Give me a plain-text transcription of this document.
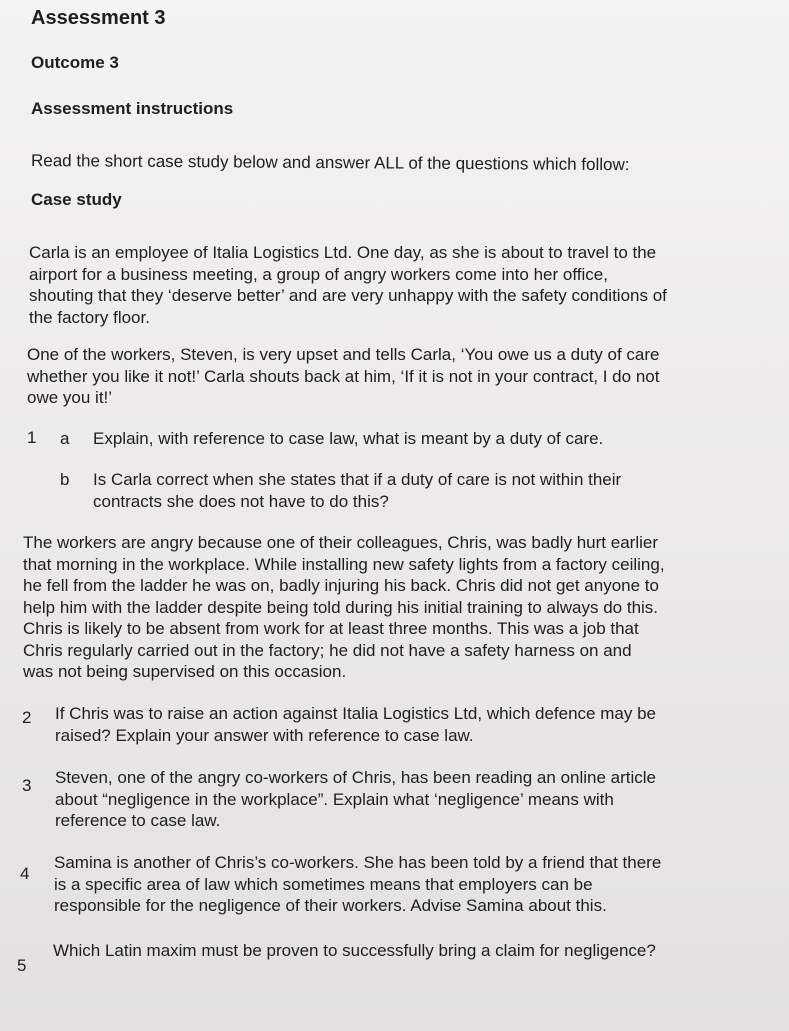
Assessment 3
Outcome 3
Assessment instructions
Read the short case study below and answer ALL of the questions which follow:
Case study
Carla is an employee of Italia Logistics Ltd. One day, as she is about to travel to the
airport for a business meeting, a group of angry workers come into her office,
shouting that they ‘deserve better’ and are very unhappy with the safety conditions of
the factory floor.
One of the workers, Steven, is very upset and tells Carla, ‘You owe us a duty of care
whether you like it not!’ Carla shouts back at him, ‘If it is not in your contract, I do not
owe you it!’
1 a Explain, with reference to case law, what is meant by a duty of care.
b Is Carla correct when she states that if a duty of care is not within their
contracts she does not have to do this?
The workers are angry because one of their colleagues, Chris, was badly hurt earlier
that morning in the workplace. While installing new safety lights from a factory ceiling,
he fell from the ladder he was on, badly injuring his back. Chris did not get anyone to
help him with the ladder despite being told during his initial training to always do this.
Chris is likely to be absent from work for at least three months. This was a job that
Chris regularly carried out in the factory; he did not have a safety harness on and
was not being supervised on this occasion.
2 If Chris was to raise an action against Italia Logistics Ltd, which defence may be
raised? Explain your answer with reference to case law.
3 Steven, one of the angry co-workers of Chris, has been reading an online article
about “negligence in the workplace”. Explain what ‘negligence’ means with
reference to case law.
4
Samina is another of Chris’s co-workers. She has been told by a friend that there
is a specific area of law which sometimes means that employers can be
responsible for the negligence of their workers. Advise Samina about this.
5
Which Latin maxim must be proven to successfully bring a claim for negligence?
